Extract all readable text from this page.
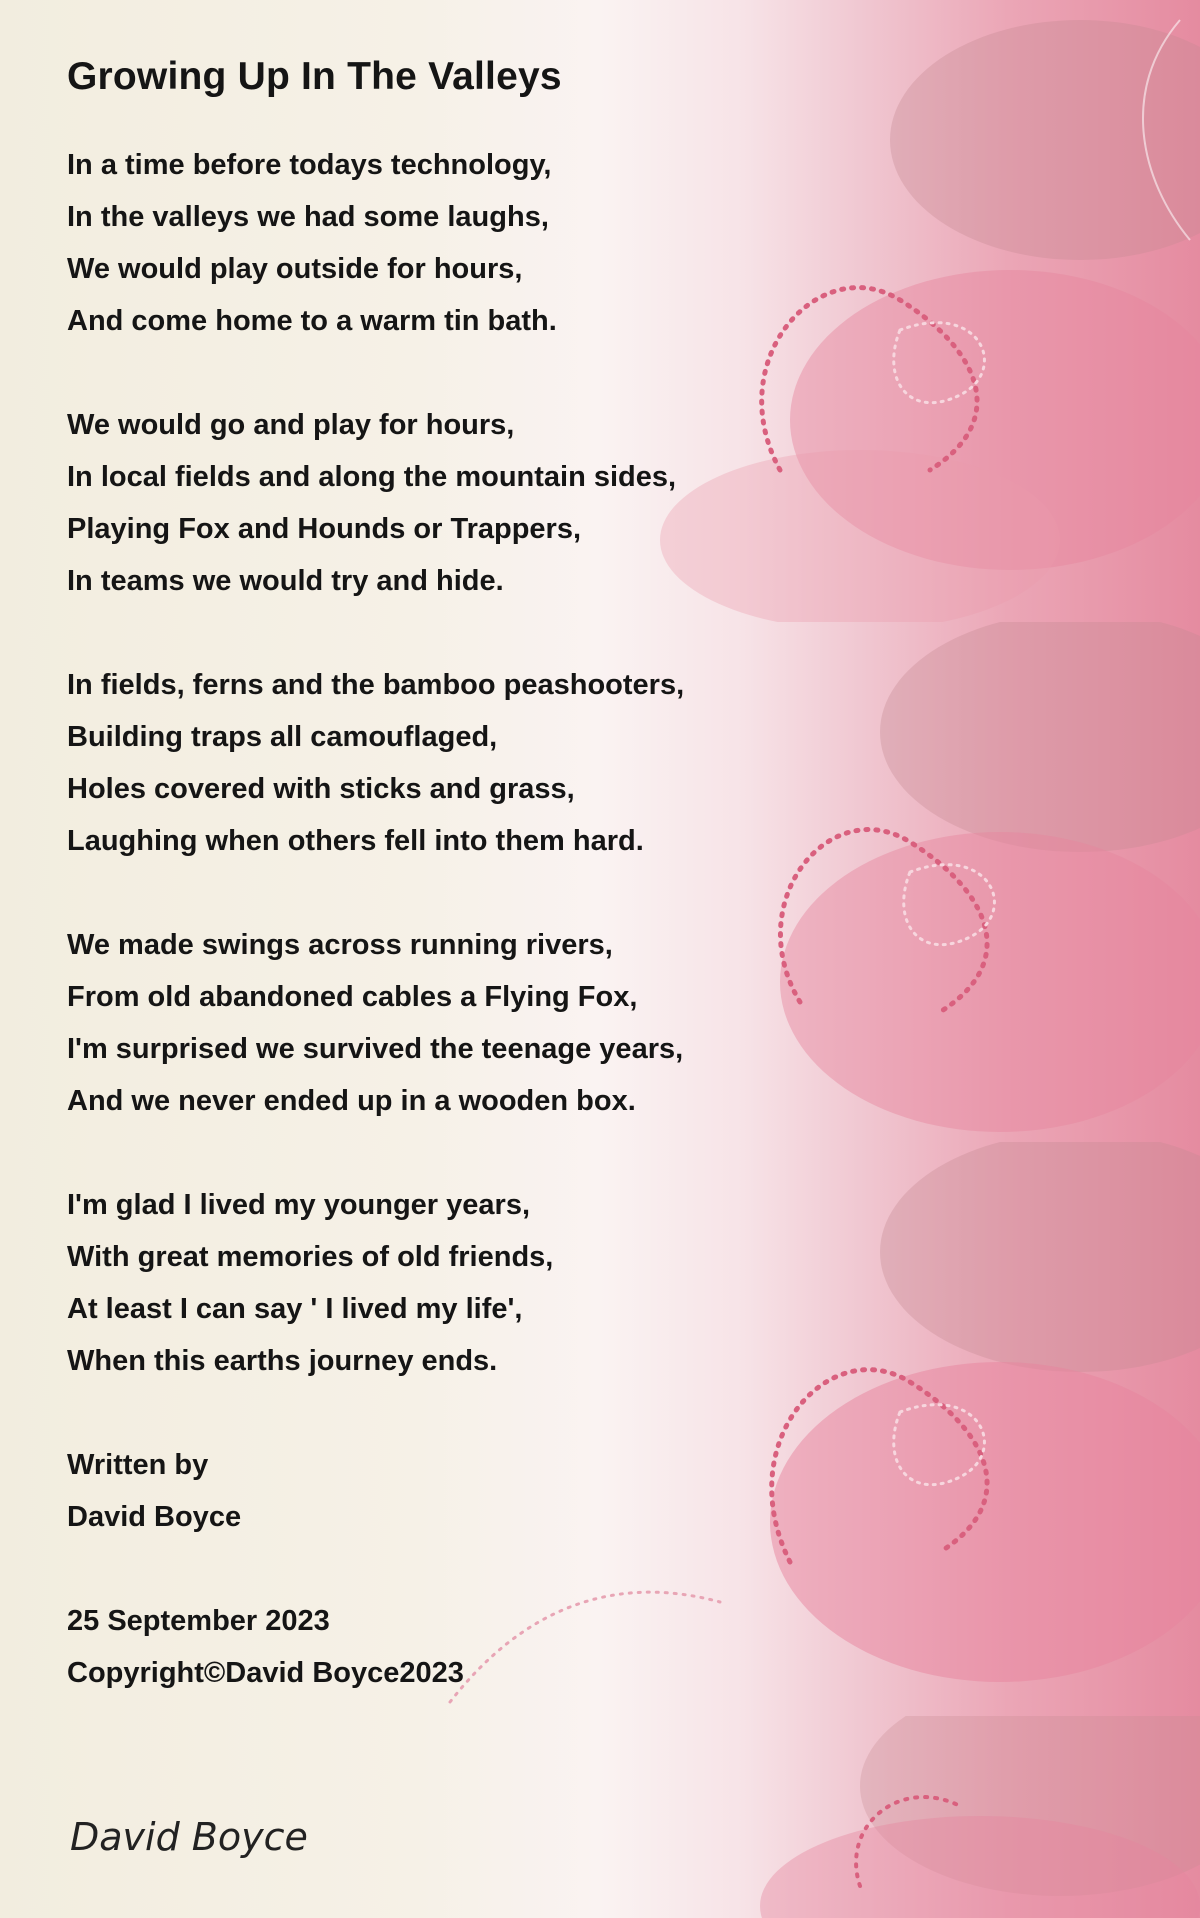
Growing Up In The Valleys
In a time before todays technology,
In the valleys we had some laughs,
We would play outside for hours,
And come home to a warm tin bath.
We would go and play for hours,
In local fields and along the mountain sides,
Playing Fox and Hounds or Trappers,
In teams we would try and hide.
In fields, ferns and the bamboo peashooters,
Building traps all camouflaged,
Holes covered with sticks and grass,
Laughing when others fell into them hard.
We made swings across running rivers,
From old abandoned cables a Flying Fox,
I'm surprised we survived the teenage years,
And we never ended up in a wooden box.
I'm glad I lived my younger years,
With great memories of old friends,
At least I can say ' I lived my life',
When this earths journey ends.
Written by
David Boyce
25 September 2023
Copyright©David Boyce2023
David Boyce
